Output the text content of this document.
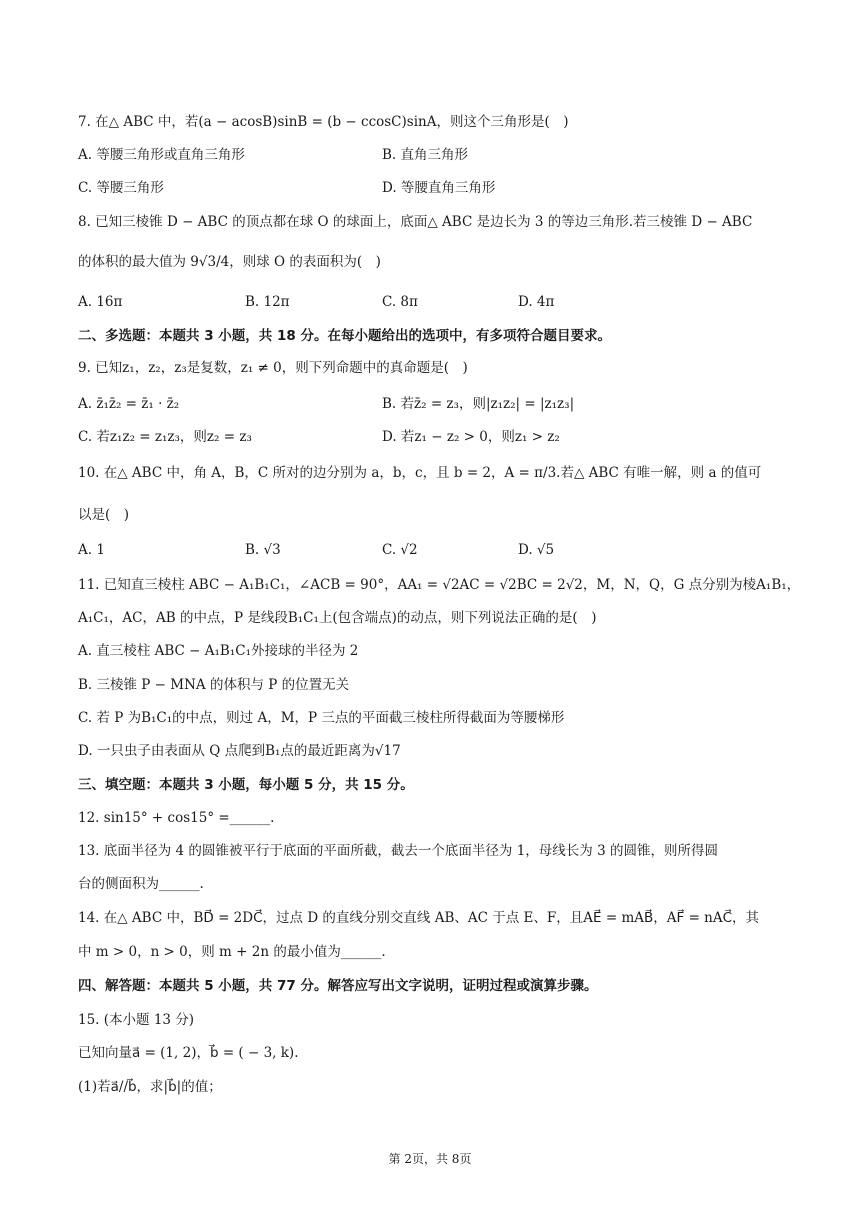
7. 在△ ABC 中，若(a − acosB)sinB = (b − ccosC)sinA，则这个三角形是(　)
A. 等腰三角形或直角三角形	B. 直角三角形
C. 等腰三角形	D. 等腰直角三角形
8. 已知三棱锥 D − ABC 的顶点都在球 O 的球面上，底面△ ABC 是边长为 3 的等边三角形.若三棱锥 D − ABC
的体积的最大值为 9√3/4，则球 O 的表面积为(　)
A. 16π	B. 12π	C. 8π	D. 4π
二、多选题：本题共 3 小题，共 18 分。在每小题给出的选项中，有多项符合题目要求。
9. 已知z₁，z₂，z₃是复数，z₁ ≠ 0，则下列命题中的真命题是(　)
A. z̄₁z̄₂ = z̄₁ · z̄₂	B. 若z̄₂ = z₃，则|z₁z₂| = |z₁z₃|
C. 若z₁z₂ = z₁z₃，则z₂ = z₃	D. 若z₁ − z₂ > 0，则z₁ > z₂
10. 在△ ABC 中，角 A，B，C 所对的边分别为 a，b，c，且 b = 2，A = π/3.若△ ABC 有唯一解，则 a 的值可
以是(　)
A. 1	B. √3	C. √2	D. √5
11. 已知直三棱柱 ABC − A₁B₁C₁，∠ACB = 90°，AA₁ = √2AC = √2BC = 2√2，M，N，Q，G 点分别为棱A₁B₁，
A₁C₁，AC，AB 的中点，P 是线段B₁C₁上(包含端点)的动点，则下列说法正确的是(　)
A. 直三棱柱 ABC − A₁B₁C₁外接球的半径为 2
B. 三棱锥 P − MNA 的体积与 P 的位置无关
C. 若 P 为B₁C₁的中点，则过 A，M，P 三点的平面截三棱柱所得截面为等腰梯形
D. 一只虫子由表面从 Q 点爬到B₁点的最近距离为√17
三、填空题：本题共 3 小题，每小题 5 分，共 15 分。
12. sin15° + cos15° =______.
13. 底面半径为 4 的圆锥被平行于底面的平面所截，截去一个底面半径为 1，母线长为 3 的圆锥，则所得圆
台的侧面积为______.
14. 在△ ABC 中，BD⃗ = 2DC⃗，过点 D 的直线分别交直线 AB、AC 于点 E、F，且AE⃗ = mAB⃗，AF⃗ = nAC⃗，其
中 m > 0，n > 0，则 m + 2n 的最小值为______.
四、解答题：本题共 5 小题，共 77 分。解答应写出文字说明，证明过程或演算步骤。
15. (本小题 13 分)
已知向量a⃗ = (1, 2)，b⃗ = ( − 3, k).
(1)若a⃗//b⃗，求|b⃗|的值；
第 2页，共 8页
